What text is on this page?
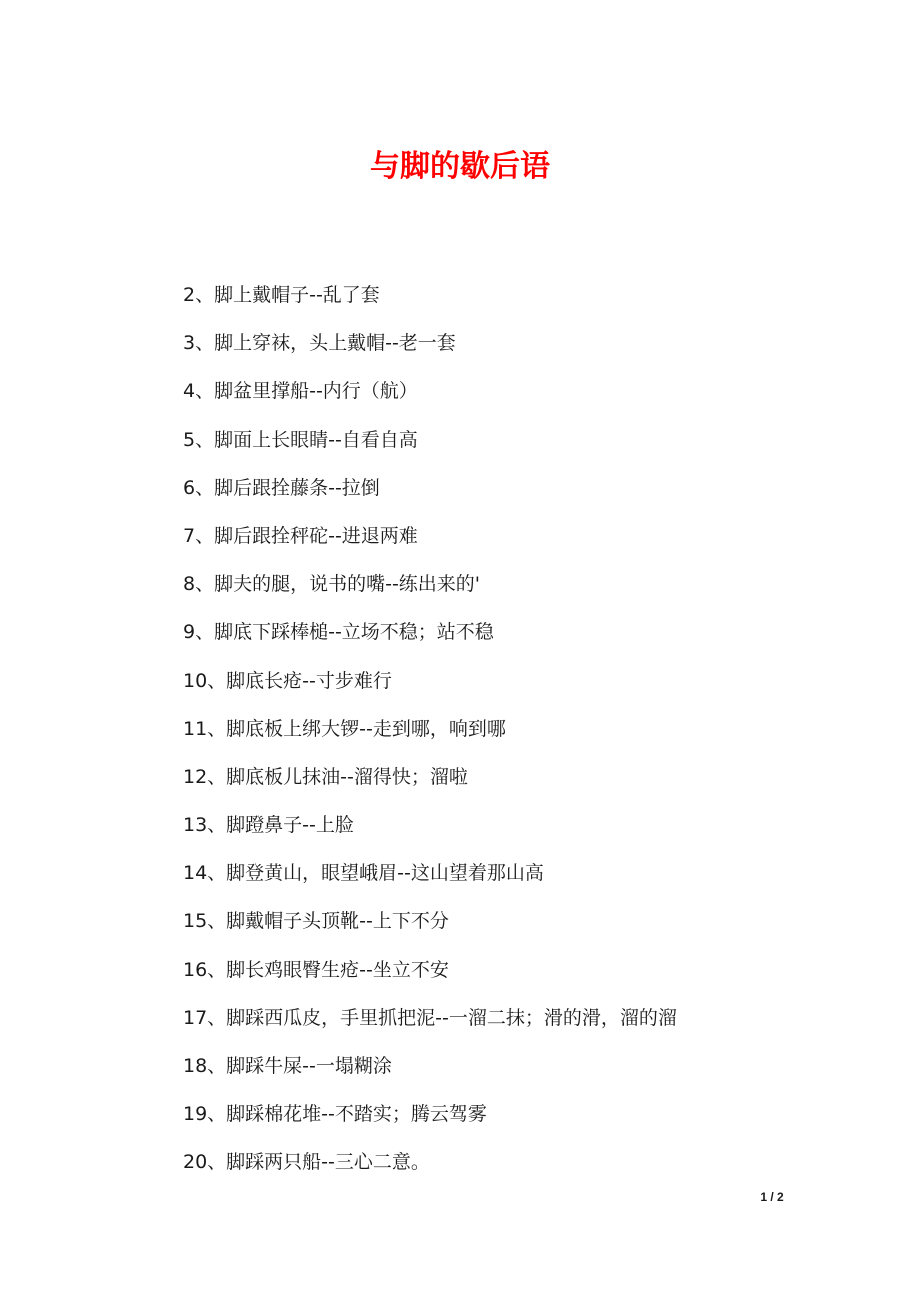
与脚的歇后语
2、脚上戴帽子--乱了套
3、脚上穿袜，头上戴帽--老一套
4、脚盆里撑船--内行（航）
5、脚面上长眼睛--自看自高
6、脚后跟拴藤条--拉倒
7、脚后跟拴秤砣--进退两难
8、脚夫的腿，说书的嘴--练出来的'
9、脚底下踩棒槌--立场不稳；站不稳
10、脚底长疮--寸步难行
11、脚底板上绑大锣--走到哪，响到哪
12、脚底板儿抹油--溜得快；溜啦
13、脚蹬鼻子--上脸
14、脚登黄山，眼望峨眉--这山望着那山高
15、脚戴帽子头顶靴--上下不分
16、脚长鸡眼臀生疮--坐立不安
17、脚踩西瓜皮，手里抓把泥--一溜二抹；滑的滑，溜的溜
18、脚踩牛屎--一塌糊涂
19、脚踩棉花堆--不踏实；腾云驾雾
20、脚踩两只船--三心二意。
1 / 2
